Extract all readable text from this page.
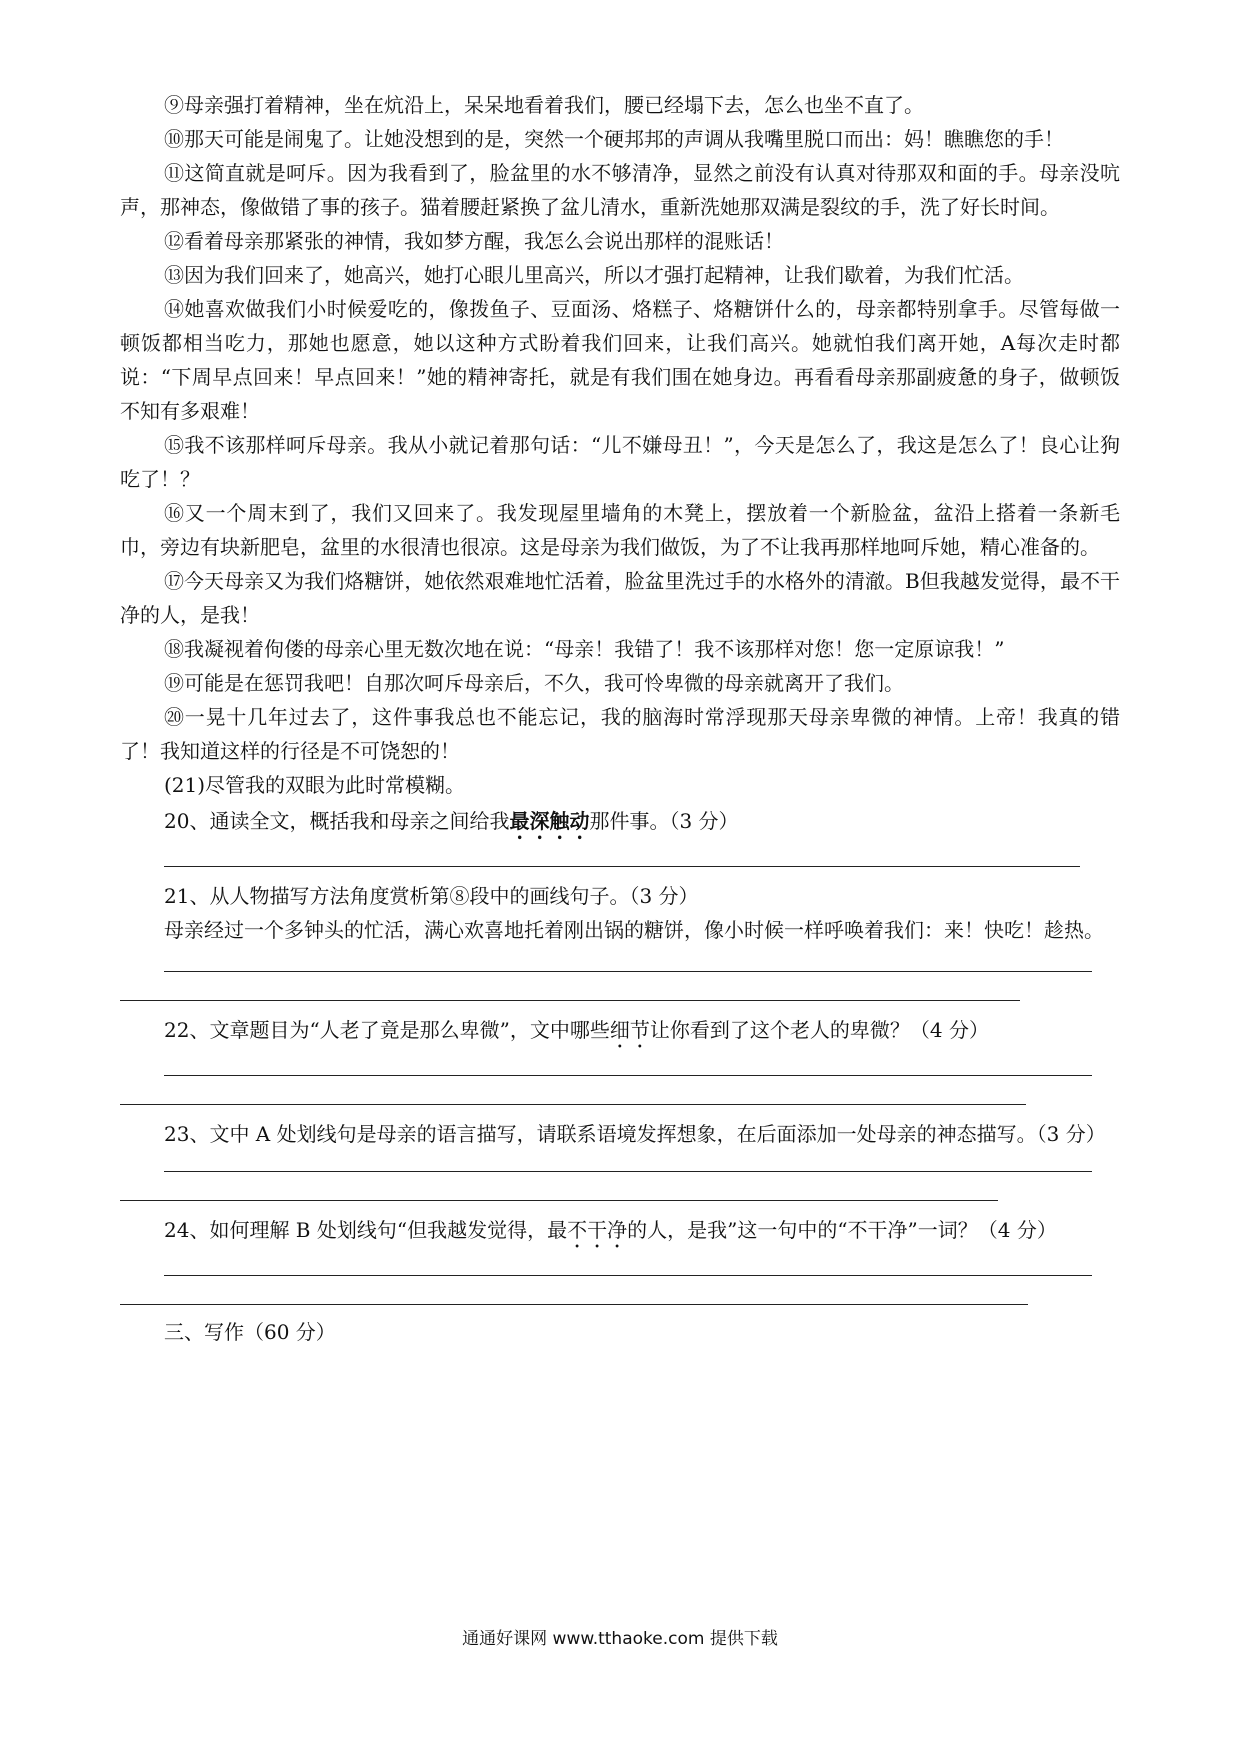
⑨母亲强打着精神，坐在炕沿上，呆呆地看着我们，腰已经塌下去，怎么也坐不直了。

⑩那天可能是闹鬼了。让她没想到的是，突然一个硬邦邦的声调从我嘴里脱口而出：妈！瞧瞧您的手！

⑪这简直就是呵斥。因为我看到了，脸盆里的水不够清净，显然之前没有认真对待那双和面的手。母亲没吭声，那神态，像做错了事的孩子。猫着腰赶紧换了盆儿清水，重新洗她那双满是裂纹的手，洗了好长时间。

⑫看着母亲那紧张的神情，我如梦方醒，我怎么会说出那样的混账话！

⑬因为我们回来了，她高兴，她打心眼儿里高兴，所以才强打起精神，让我们歇着，为我们忙活。

⑭她喜欢做我们小时候爱吃的，像拨鱼子、豆面汤、烙糕子、烙糖饼什么的，母亲都特别拿手。尽管每做一顿饭都相当吃力，那她也愿意，她以这种方式盼着我们回来，让我们高兴。她就怕我们离开她，A每次走时都说：“下周早点回来！早点回来！”她的精神寄托，就是有我们围在她身边。再看看母亲那副疲惫的身子，做顿饭不知有多艰难！

⑮我不该那样呵斥母亲。我从小就记着那句话：“儿不嫌母丑！”，今天是怎么了，我这是怎么了！良心让狗吃了！？

⑯又一个周末到了，我们又回来了。我发现屋里墙角的木凳上，摆放着一个新脸盆，盆沿上搭着一条新毛巾，旁边有块新肥皂，盆里的水很清也很凉。这是母亲为我们做饭，为了不让我再那样地呵斥她，精心准备的。

⑰今天母亲又为我们烙糖饼，她依然艰难地忙活着，脸盆里洗过手的水格外的清澈。B但我越发觉得，最不干净的人，是我！

⑱我凝视着佝偻的母亲心里无数次地在说：“母亲！我错了！我不该那样对您！您一定原谅我！”

⑲可能是在惩罚我吧！自那次呵斥母亲后，不久，我可怜卑微的母亲就离开了我们。

⑳一晃十几年过去了，这件事我总也不能忘记，我的脑海时常浮现那天母亲卑微的神情。上帝！我真的错了！我知道这样的行径是不可饶恕的！

(21)尽管我的双眼为此时常模糊。

20、通读全文，概括我和母亲之间给我最深触动那件事。（3 分）

21、从人物描写方法角度赏析第⑧段中的画线句子。（3 分）

母亲经过一个多钟头的忙活，满心欢喜地托着刚出锅的糖饼，像小时候一样呼唤着我们：来！快吃！趁热。

22、文章题目为“人老了竟是那么卑微”，文中哪些细节让你看到了这个老人的卑微？（4 分）

23、文中 A 处划线句是母亲的语言描写，请联系语境发挥想象，在后面添加一处母亲的神态描写。（3 分）

24、如何理解 B 处划线句“但我越发觉得，最不干净的人，是我”这一句中的“不干净”一词？（4 分）

三、写作（60 分）

通通好课网 www.tthaoke.com 提供下载
